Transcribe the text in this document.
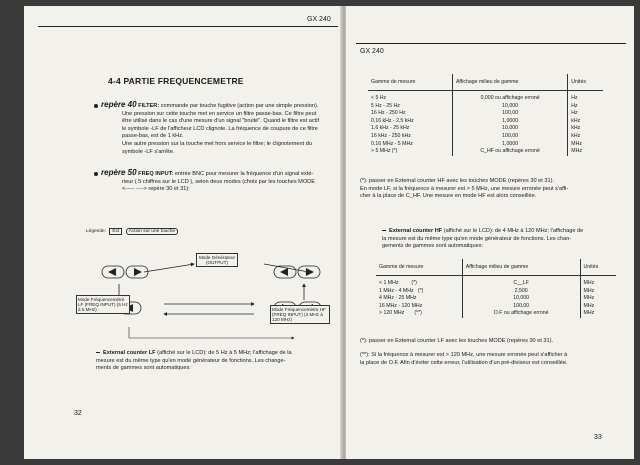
GX 240
4-4 PARTIE FREQUENCEMETRE
repère 40 FILTER: commande par touche fugitive (action par une simple pression).
Une pression sur cette touche met en service un filtre passe-bas. Ce filtre peut
être utilisé dans le cas d'une mesure d'un signal "bruité". Quand le filtre est actif
le symbole -LF de l'afficheur LCD clignote. La fréquence de coupure de ce filtre
passe-bas, est de 1 kHz.
Une autre pression sur la touche met hors service le filtre; le clignotement du
symbole -LF s'arrête.
repère 50 FREQ INPUT: entrée BNC pour mesurer la fréquence d'un signal exté-
rieur ( 5 chiffres sur le LCD ), selon deux modes (choix par les touches MODE
<----- ----> repère 30 et 31):
Légende: Ext Action sur une touche
Mode Générateur (OUTPUT)
Mode Fréquencemètre LF (FREQ INPUT) (5 Hz à 5 MHz)	Mode Fréquencemètre HF (FREQ INPUT) (4 MHz à 120 MHz)
External counter LF (affiché sur le LCD): de 5 Hz à 5 MHz; l'affichage de la
mesure est du même type qu'en mode générateur de fonctions. Les change-
ments de gammes sont automatiques:
32
GX 240
Gamme de mesure	Affichage milieu de gamme	Unités
< 5 Hz	0,000 ou affichage erroné	Hz
5 Hz - 25 Hz	10,000	Hz
16 Hz - 250 Hz	100,00	Hz
0,16 kHz - 2,5 kHz	1,0000	kHz
1,6 kHz - 25 kHz	10,000	kHz
16 kHz - 250 kHz	100,00	kHz
0,16 MHz - 5 MHz	1,0000	MHz
> 5 MHz (*)	C_HF ou affichage erroné	MHz
(*): passer en External counter HF avec les touches MODE (repères 30 et 31).
En mode LF, si la fréquence à mesurer est > 5 MHz, une mesure erronée peut s'affi-
cher à la place de C_HF. Une mesure en mode HF est alors conseillée.
External counter HF (affiché sur le LCD): de 4 MHz à 120 MHz; l'affichage de
la mesure est du même type qu'en mode générateur de fonctions. Les chan-
gements de gammes sont automatiques:
Gamme de mesure	Affichage milieu de gamme	Unités
< 1 MHz         (*)	C__LF	MHz
1 MHz - 4 MHz   (*)	2,500	MHz
4 MHz - 25 MHz	10,000	MHz
16 MHz - 120 MHz	100,00	MHz
> 120 MHz       (**)	O.F ou affichage erroné	MHz
(*): passer en External counter LF avec les touches MODE (repères 30 et 31).
(**): Si la fréquence à mesurer est > 120 MHz, une mesure erronée peut s'afficher à
la place de O.F. Afin d'éviter cette erreur, l'utilisation d'un pré-diviseur est conseillée.
33
